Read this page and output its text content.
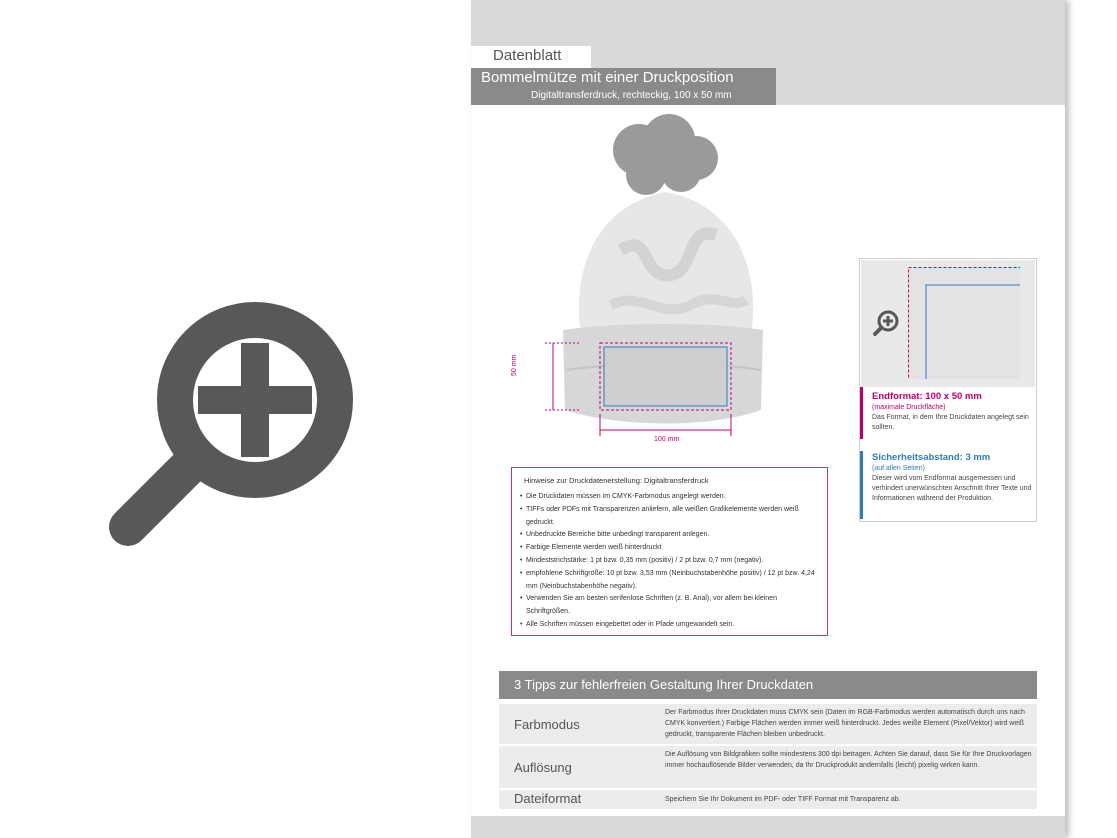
Datenblatt
Bommelmütze mit einer Druckposition
Digitaltransferdruck, rechteckig, 100 x 50 mm
50 mm
100 mm
Hinweise zur Druckdatenerstellung: Digitaltransferdruck
• Die Druckdaten müssen im CMYK-Farbmodus angelegt werden.
• TIFFs oder PDFs mit Transparenzen anliefern, alle weißen Grafikelemente werden weiß gedruckt.
• Unbedruckte Bereiche bitte unbedingt transparent anlegen.
• Farbige Elemente werden weiß hinterdruckt
• Mindeststrichstärke: 1 pt bzw. 0,35 mm (positiv) / 2 pt bzw. 0,7 mm (negativ).
• empfohlene Schriftgröße: 10 pt bzw. 3,53 mm (Neinbuchstabenhöhe positiv) / 12 pt bzw. 4,24 mm (Neinbuchstabenhöhe negativ).
• Verwenden Sie am besten serifenlose Schriften (z. B. Arial), vor allem bei kleinen Schriftgrößen.
• Alle Schriften müssen eingebettet oder in Pfade umgewandelt sein.
Endformat: 100 x 50 mm
(maximale Druckfläche)
Das Format, in dem Ihre Druckdaten angelegt sein sollten.
Sicherheitsabstand: 3 mm
(auf allen Seiten)
Dieser wird vom Endformat ausgemessen und verhindert unerwünschten Anschnitt Ihrer Texte und Informationen während der Produktion.
3 Tipps zur fehlerfreien Gestaltung Ihrer Druckdaten
Farbmodus
Der Farbmodus Ihrer Druckdaten muss CMYK sein (Daten im RGB-Farbmodus werden automatisch durch uns nach CMYK konvertiert.) Farbige Flächen werden immer weiß hinterdruckt. Jedes weiße Element (Pixel/Vektor) wird weiß gedruckt, transparente Flächen bleiben unbedruckt.
Auflösung
Die Auflösung von Bildgrafiken sollte mindestens 300 dpi betragen. Achten Sie darauf, dass Sie für Ihre Druckvorlagen immer hochauflösende Bilder verwenden, da Ihr Druckprodukt andernfalls (leicht) pixelig wirken kann.
Dateiformat	Speichern Sie Ihr Dokument im PDF- oder TIFF Format mit Transparenz ab.
